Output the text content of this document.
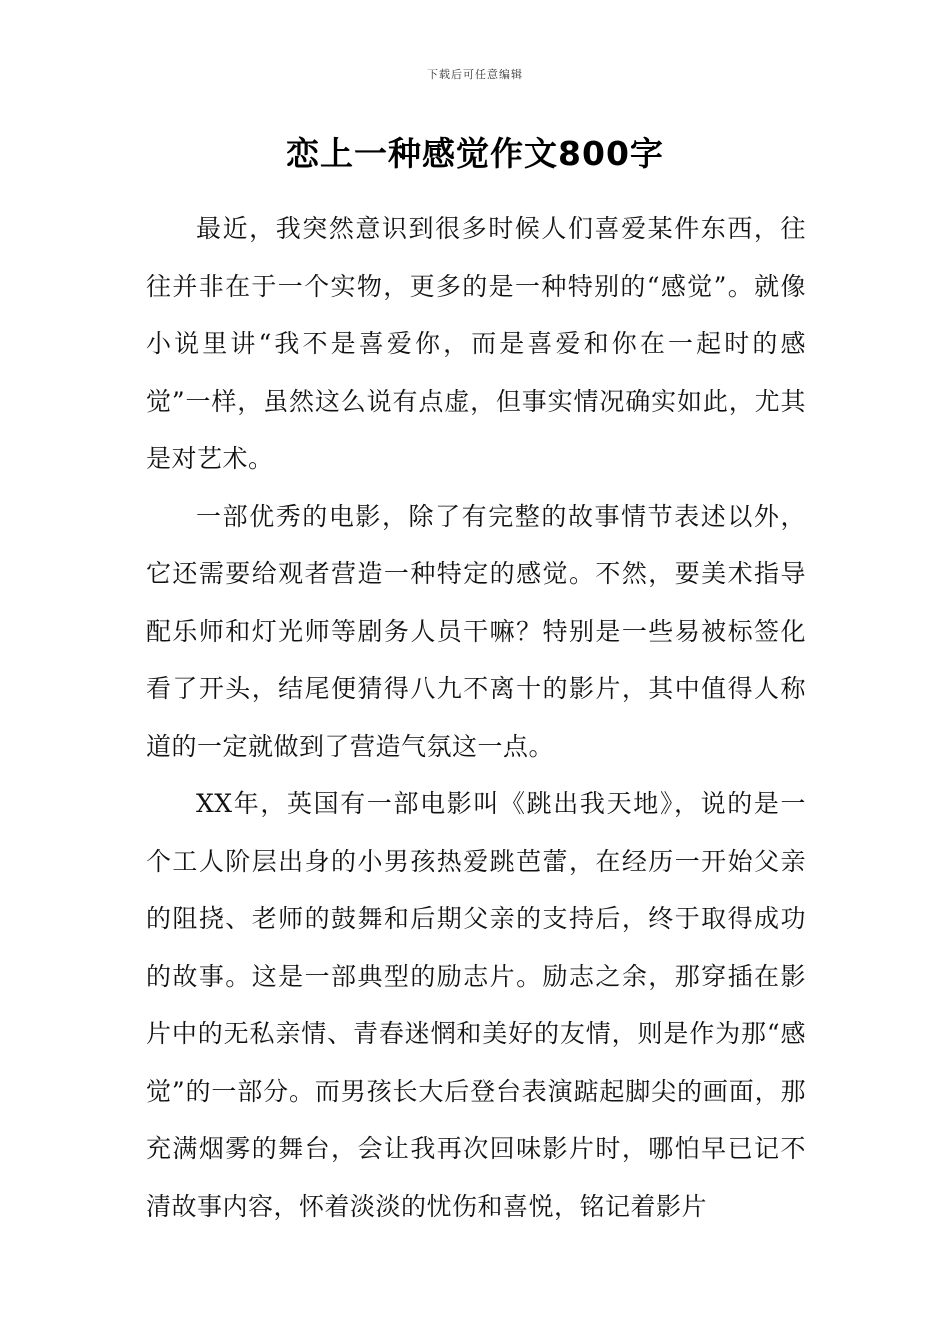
下载后可任意编辑
恋上一种感觉作文800字

最近，我突然意识到很多时候人们喜爱某件东西，往往并非在于一个实物，更多的是一种特别的“感觉”。就像小说里讲“我不是喜爱你，而是喜爱和你在一起时的感觉”一样，虽然这么说有点虚，但事实情况确实如此，尤其是对艺术。

一部优秀的电影，除了有完整的故事情节表述以外，它还需要给观者营造一种特定的感觉。不然，要美术指导配乐师和灯光师等剧务人员干嘛？特别是一些易被标签化看了开头，结尾便猜得八九不离十的影片，其中值得人称道的一定就做到了营造气氛这一点。

XX年，英国有一部电影叫《跳出我天地》，说的是一个工人阶层出身的小男孩热爱跳芭蕾，在经历一开始父亲的阻挠、老师的鼓舞和后期父亲的支持后，终于取得成功的故事。这是一部典型的励志片。励志之余，那穿插在影片中的无私亲情、青春迷惘和美好的友情，则是作为那“感觉”的一部分。而男孩长大后登台表演踮起脚尖的画面，那充满烟雾的舞台，会让我再次回味影片时，哪怕早已记不清故事内容，怀着淡淡的忧伤和喜悦，铭记着影片
